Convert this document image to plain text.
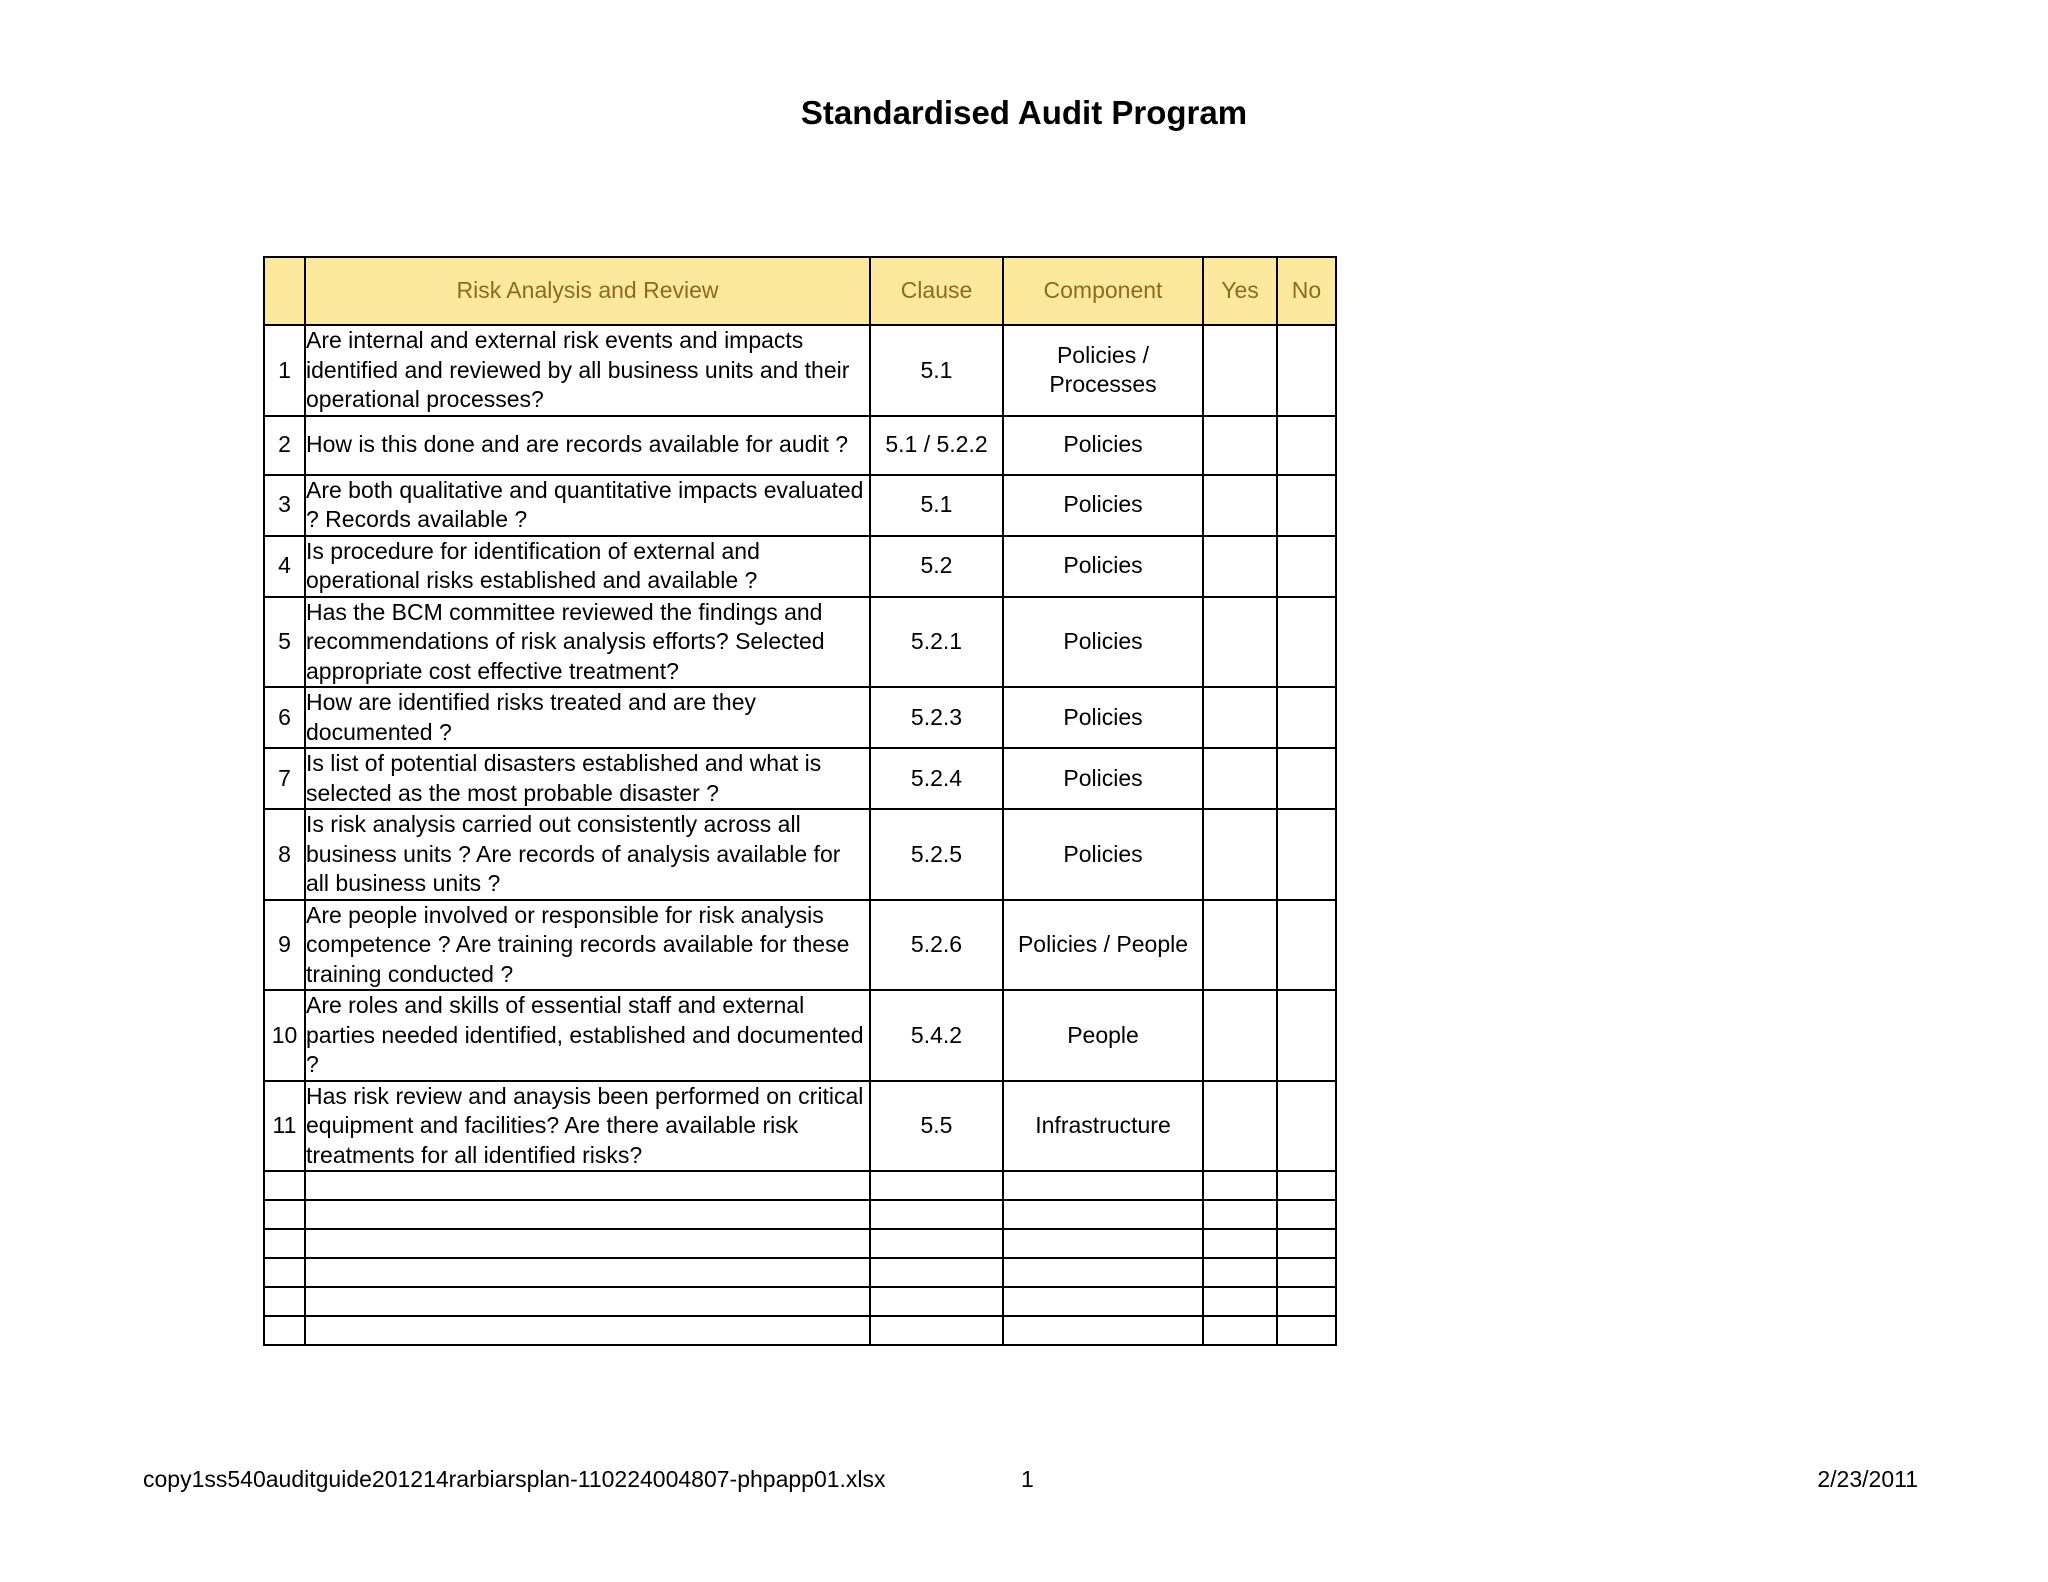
Standardised Audit Program
	Risk Analysis and Review	Clause	Component	Yes	No
1	Are internal and external risk events and impacts identified and reviewed by all business units and their operational processes?	5.1	Policies / Processes		
2	How is this done and are records available for audit ?	5.1 / 5.2.2	Policies		
3	Are both qualitative and quantitative impacts evaluated ? Records available ?	5.1	Policies		
4	Is procedure for identification of external and operational risks established and available ?	5.2	Policies		
5	Has the BCM committee reviewed the findings and recommendations of risk analysis efforts? Selected appropriate cost effective treatment?	5.2.1	Policies		
6	How are identified risks treated and are they documented ?	5.2.3	Policies		
7	Is list of potential disasters established and what is selected as the most probable disaster ?	5.2.4	Policies		
8	Is risk analysis carried out consistently across all business units ? Are records of analysis available for all business units ?	5.2.5	Policies		
9	Are people involved or responsible for risk analysis competence ? Are training records available for these training conducted ?	5.2.6	Policies / People		
10	Are roles and skills of essential staff and external parties needed identified, established and documented ?	5.4.2	People		
11	Has risk review and anaysis been performed on critical equipment and facilities? Are there available risk treatments for all identified risks?	5.5	Infrastructure		

copy1ss540auditguide201214rarbiarsplan-110224004807-phpapp01.xlsx	1	2/23/2011
